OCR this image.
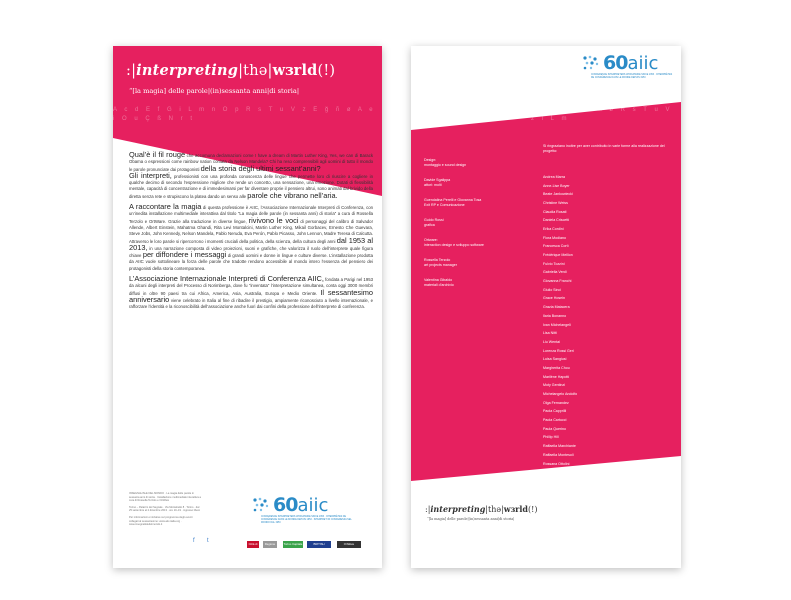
A c d E f G i L m n O p R s T u V z Ë ğ ñ ø A e i O u Ç ß N r t
:|interpreting|thə|wɜrld(!)
“[la magia] delle parole|(in)sessanta anni|di storia|

Qual’è il fil rouge che accomuna declamazioni come I have a dream di Martin Luther King, Yes, we can di Barack Obama o espressioni come rainbow nation coniata da Nelson Mandela? Chi ha reso comprensibili agli uomini di tutto il mondo le parole pronunciate dai protagonisti della storia degli ultimi sessant’anni?
Gli interpreti, professionisti con una profonda conoscenza delle lingue che permette loro di riuscire a cogliere in qualche decimo di secondo l’espressione migliore che rende un concetto, una sensazione, una emozione. Dotati di flessibilità mentale, capacità di concentrazione e di immedesimarsi per far diventare proprie il pensiero altrui, sono animati dal brivido della diretta senza rete e strupiscono la platea dando un senso alle parole che vibrano nell’aria.

A raccontare la magia di questa professione è AIIC, l’Associazione Internazionale Interpreti di Conferenza, con un’inedita installazione multimediale interattiva dal titolo “La magia delle parole (in sessanta anni) di storia” a cura di Rossella Terzolo e OrtWare. Grazie alla traduzione in diverse lingue, rivivono le voci di personaggi del calibro di Salvador Allende, Albert Einstein, Mahatma Ghandi, Rita Levi Montalcini, Martin Luther King, Mikail Gorbacev, Ernesto Che Guevara, Steve Jobs, John Kennedy, Nelson Mandela, Pablo Neruda, Eva Perón, Pablo Picasso, John Lennon, Madre Teresa di Calcutta. Attraverso le loro parole si ripercorrono i momenti cruciali della politica, della scienza, della cultura degli anni dal 1953 al 2013, in una narrazione composta di video proiezioni, suoni e grafiche, che valorizza il ruolo dell’interprete quale figura chiave per diffondere i messaggi di grandi uomini e donne in lingue e culture diverse. L’installazione prodotta da AIIC vuole sottolineare la forza delle parole che tradotte rendono accessibile al mondo intero l’essenza del pensiero dei protagonisti della storia contemporanea.

L’Associazione Internazionale Interpreti di Conferenza AIIC, fondata a Parigi nel 1953 da alcuni degli interpreti del Processo di Norimberga, dove fu “inventata” l’interpretazione simultanea, conta oggi 3000 membri diffusi in oltre 90 paesi tra cui Africa, America, Asia, Australia, Europa e Medio Oriente. Il sessantesimo anniversario viene celebrato in Italia al fine di ribadire il prestigio, ampiamente riconosciuto a livello internazionale, e rafforzare l’identità e la riconoscibilità dell’associazione anche fuori dai confini della professione dell’interprete di conferenza.

INSEGNALISLE DEL MONDO · La magia delle parole in sessanta anni di storia · Installazione multimediale interattiva a cura di Rossella Terzolo e OrtWare

Torino – Palazzo del Segnale · Via Montebello 8 · Torino · dal 25 settembre al 2 dicembre 2013 · ore 10–19 · ingresso libero

Per informazioni e iniziative sul programma degli eventi collegati al sessantesimo: www.aiic-italia.org · www.insegnalisledelmondo.it

f t
60aiic
CONFERENCE INTERPRETERS WORLDWIDE SINCE 1953 · INTERPRÈTES DE CONFÉRENCE DANS LE MONDE DEPUIS 1953 · INTERPRETI DI CONFERENZA NEL MONDO DAL 1953
Città di Torino
Regione	Torino Capitale	BRITISH COUNCIL
OrtWare
c A e F G h ñ ø R s T u V z i L m
60aiic
CONFERENCE INTERPRETERS WORLDWIDE SINCE 1953 · INTERPRÈTES DE CONFÉRENCE DANS LE MONDE DEPUIS 1953
Design:
montaggio e sound design
Davide Sgalippa
attori: molti
Guendalina Perelli e Giovanna Tosa
Exit RP e Comunicazione
Guido Rossi
grafica
Ortware:
interaction design e sviluppo software
Rossella Terzolo
art projects manager
Valentina Gibaldo
materiali d’archivio
Si ringraziano inoltre per aver contribuito in varie forme alla realizzazione del progetto:
Andrea Marra
Anne-Lise Boyer
Beate Jankowiecki
Christine Weiss
Claudia Rosati
Daniela Criscetti
Erika Cordini
Flora Modiano
Francesca Cortì
Frédérique Mellion
Fulvio Tozzini
Gabriella Verdi
Giovanna Franchi
Giulio Sinci
Grace Hosein
Grazia Matacera
Ilaria Bonanno
Ivan Michelangeli
Lisa Nitti
Liu Wentai
Lorenza Rossi Geri
Luisa Sangiusi
Margherita Chou
Marilène Hapotti
Moty Gentinzi
Michelangelo Andolfo
Olga Fernandez
Paola Capprilli
Paola Cartucci
Paula Querino
Phillip Hill
Raffaella Marchiante
Raffaella Montesoli
Rossana Ottolini
Séverine Vindi
Silvia Vassallo
Stefano Mannone
Susanne Wehmaer
Umberto Cini
Yamam Aksu
:|interpreting|thə|wɜrld(!)
“[la magia] delle parole|(in)sessanta anni|di storia|
